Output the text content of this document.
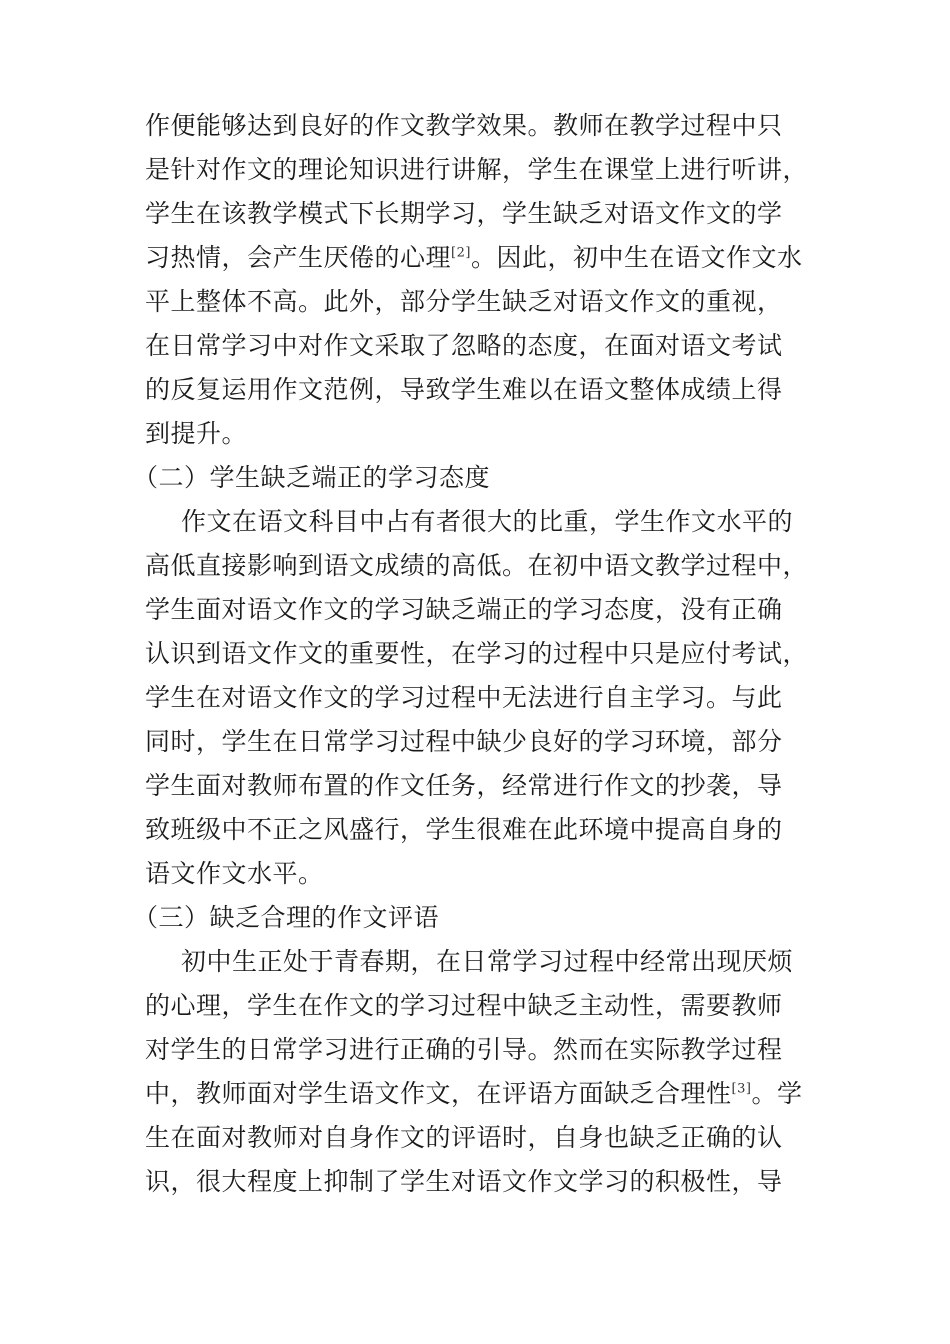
作便能够达到良好的作文教学效果。教师在教学过程中只
是针对作文的理论知识进行讲解，学生在课堂上进行听讲，
学生在该教学模式下长期学习，学生缺乏对语文作文的学
习热情，会产生厌倦的心理[2]。因此，初中生在语文作文水
平上整体不高。此外，部分学生缺乏对语文作文的重视，
在日常学习中对作文采取了忽略的态度，在面对语文考试
的反复运用作文范例，导致学生难以在语文整体成绩上得
到提升。
（二）学生缺乏端正的学习态度
作文在语文科目中占有者很大的比重，学生作文水平的
高低直接影响到语文成绩的高低。在初中语文教学过程中，
学生面对语文作文的学习缺乏端正的学习态度，没有正确
认识到语文作文的重要性，在学习的过程中只是应付考试，
学生在对语文作文的学习过程中无法进行自主学习。与此
同时，学生在日常学习过程中缺少良好的学习环境，部分
学生面对教师布置的作文任务，经常进行作文的抄袭，导
致班级中不正之风盛行，学生很难在此环境中提高自身的
语文作文水平。
（三）缺乏合理的作文评语
初中生正处于青春期，在日常学习过程中经常出现厌烦
的心理，学生在作文的学习过程中缺乏主动性，需要教师
对学生的日常学习进行正确的引导。然而在实际教学过程
中，教师面对学生语文作文，在评语方面缺乏合理性[3]。学
生在面对教师对自身作文的评语时，自身也缺乏正确的认
识，很大程度上抑制了学生对语文作文学习的积极性，导
